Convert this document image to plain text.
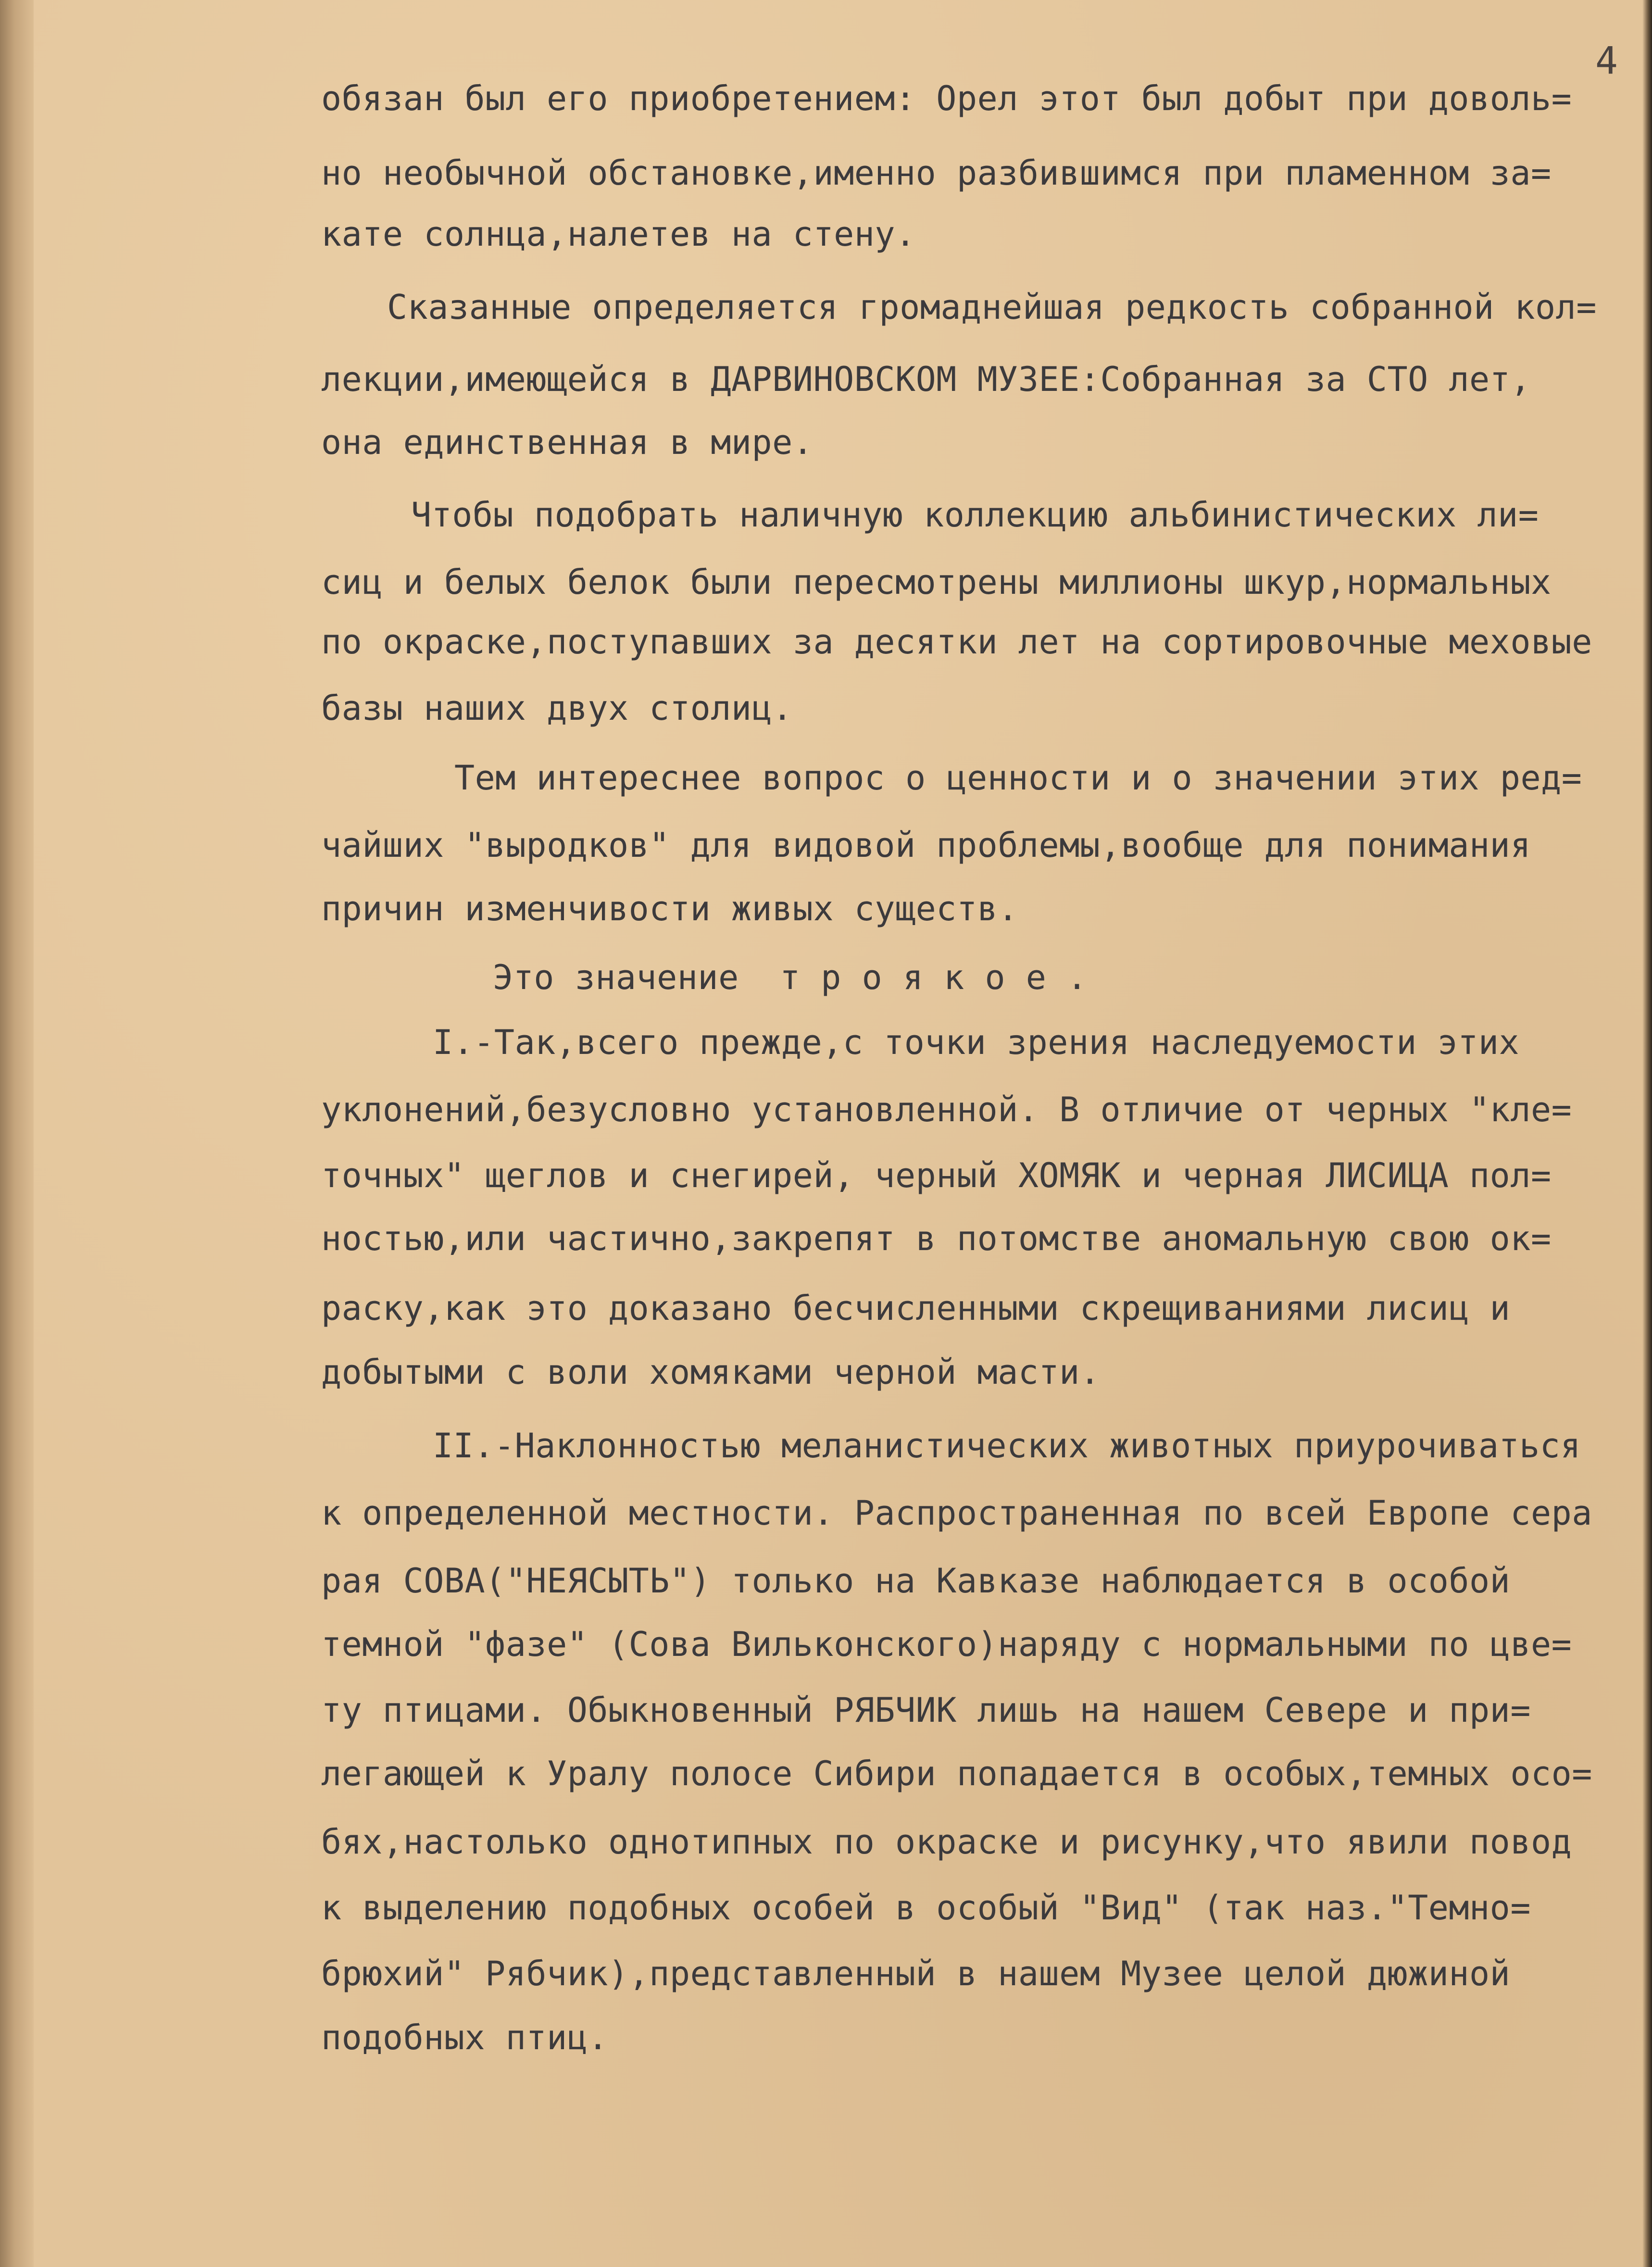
4

обязан был его приобретением: Орел этот был добыт при доволь=

но необычной обстановке,именно разбившимся при пламенном за=

кате солнца,налетев на стену.

Сказанные определяется громаднейшая редкость собранной кол=

лекции,имеющейся в ДАРВИНОВСКОМ МУЗЕЕ:Собранная за СТО лет,

она единственная в мире.

Чтобы подобрать наличную коллекцию альбинистических ли=

сиц и белых белок были пересмотрены миллионы шкур,нормальных

по окраске,поступавших за десятки лет на сортировочные меховые

базы наших двух столиц.

Тем интереснее вопрос о ценности и о значении этих ред=

чайших "выродков" для видовой проблемы,вообще для понимания

причин изменчивости живых существ.

Это значение  т р о я к о е .

I.-Так,всего прежде,с точки зрения наследуемости этих

уклонений,безусловно установленной. В отличие от черных "кле=

точных" щеглов и снегирей, черный ХОМЯК и черная ЛИСИЦА пол=

ностью,или частично,закрепят в потомстве аномальную свою ок=

раску,как это доказано бесчисленными скрещиваниями лисиц и

добытыми с воли хомяками черной масти.

II.-Наклонностью меланистических животных приурочиваться

к определенной местности. Распространенная по всей Европе сера

рая СОВА("НЕЯСЫТЬ") только на Кавказе наблюдается в особой

темной "фазе" (Сова Вильконского)наряду с нормальными по цве=

ту птицами. Обыкновенный РЯБЧИК лишь на нашем Севере и при=

легающей к Уралу полосе Сибири попадается в особых,темных осо=

бях,настолько однотипных по окраске и рисунку,что явили повод

к выделению подобных особей в особый "Вид" (так наз."Темно=

брюхий" Рябчик),представленный в нашем Музее целой дюжиной

подобных птиц.
